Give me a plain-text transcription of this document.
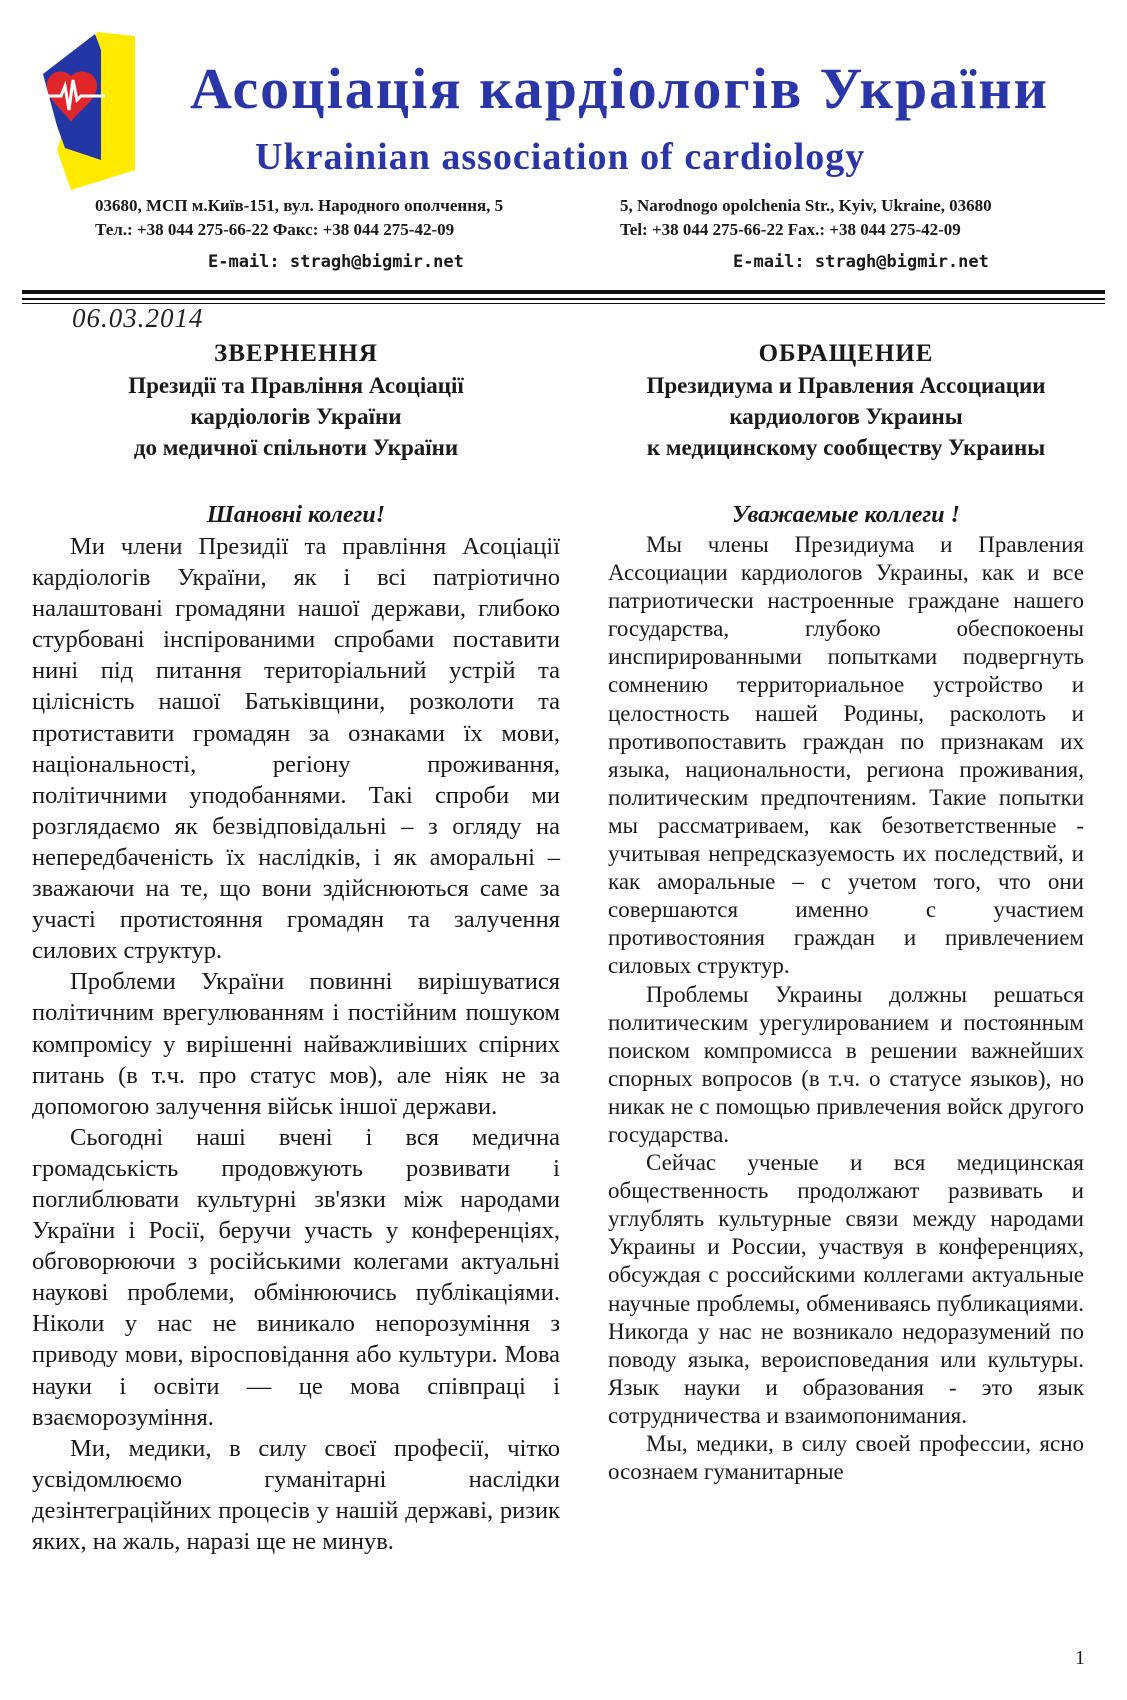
Асоціація кардіологів України
Ukrainian association of cardiology
03680, МСП м.Київ-151, вул. Народного ополчення, 5
Тел.: +38 044 275-66-22 Факс: +38 044 275-42-09
5, Narodnogo opolchenia Str., Kyiv, Ukraine, 03680
Tel: +38 044 275-66-22 Fax.: +38 044 275-42-09
E-mail: stragh@bigmir.net	E-mail: stragh@bigmir.net
06.03.2014
ЗВЕРНЕННЯ
Президії та Правління Асоціації
кардіологів України
до медичної спільноти України
Шановні колеги!

Ми члени Президії та правління Асоціації кардіологів України, як і всі патріотично налаштовані громадяни нашої держави, глибоко стурбовані інспірованими спробами поставити нині під питання територіальний устрій та цілісність нашої Батьківщини, розколоти та протиставити громадян за ознаками їх мови, національності, регіону проживання, політичними уподобаннями. Такі спроби ми розглядаємо як безвідповідальні – з огляду на непередбаченість їх наслідків, і як аморальні – зважаючи на те, що вони здійснюються саме за участі протистояння громадян та залучення силових структур.

Проблеми України повинні вирішуватися політичним врегулюванням і постійним пошуком компромісу у вирішенні найважливіших спірних питань (в т.ч. про статус мов), але ніяк не за допомогою залучення військ іншої держави.

Сьогодні наші вчені і вся медична громадськість продовжують розвивати і поглиблювати культурні зв'язки між народами України і Росії, беручи участь у конференціях, обговорюючи з російськими колегами актуальні наукові проблеми, обмінюючись публікаціями. Ніколи у нас не виникало непорозуміння з приводу мови, віросповідання або культури. Мова науки і освіти — це мова співпраці і взаєморозуміння.

Ми, медики, в силу своєї професії, чітко усвідомлюємо гуманітарні наслідки дезінтеграційних процесів у нашій державі, ризик яких, на жаль, наразі ще не минув.

ОБРАЩЕНИЕ
Президиума и Правления Ассоциации
кардиологов Украины
к медицинскому сообществу Украины
Уважаемые коллеги !

Мы члены Президиума и Правления Ассоциации кардиологов Украины, как и все патриотически настроенные граждане нашего государства, глубоко обеспокоены инспирированными попытками подвергнуть сомнению территориальное устройство и целостность нашей Родины, расколоть и противопоставить граждан по признакам их языка, национальности, региона проживания, политическим предпочтениям. Такие попытки мы рассматриваем, как безответственные - учитывая непредсказуемость их последствий, и как аморальные – с учетом того, что они совершаются именно с участием противостояния граждан и привлечением силовых структур.

Проблемы Украины должны решаться политическим урегулированием и постоянным поиском компромисса в решении важнейших спорных вопросов (в т.ч. о статусе языков), но никак не с помощью привлечения войск другого государства.

Сейчас ученые и вся медицинская общественность продолжают развивать и углублять культурные связи между народами Украины и России, участвуя в конференциях, обсуждая с российскими коллегами актуальные научные проблемы, обмениваясь публикациями. Никогда у нас не возникало недоразумений по поводу языка, вероисповедания или культуры. Язык науки и образования - это язык сотрудничества и взаимопонимания.

Мы, медики, в силу своей профессии, ясно осознаем гуманитарные

1
